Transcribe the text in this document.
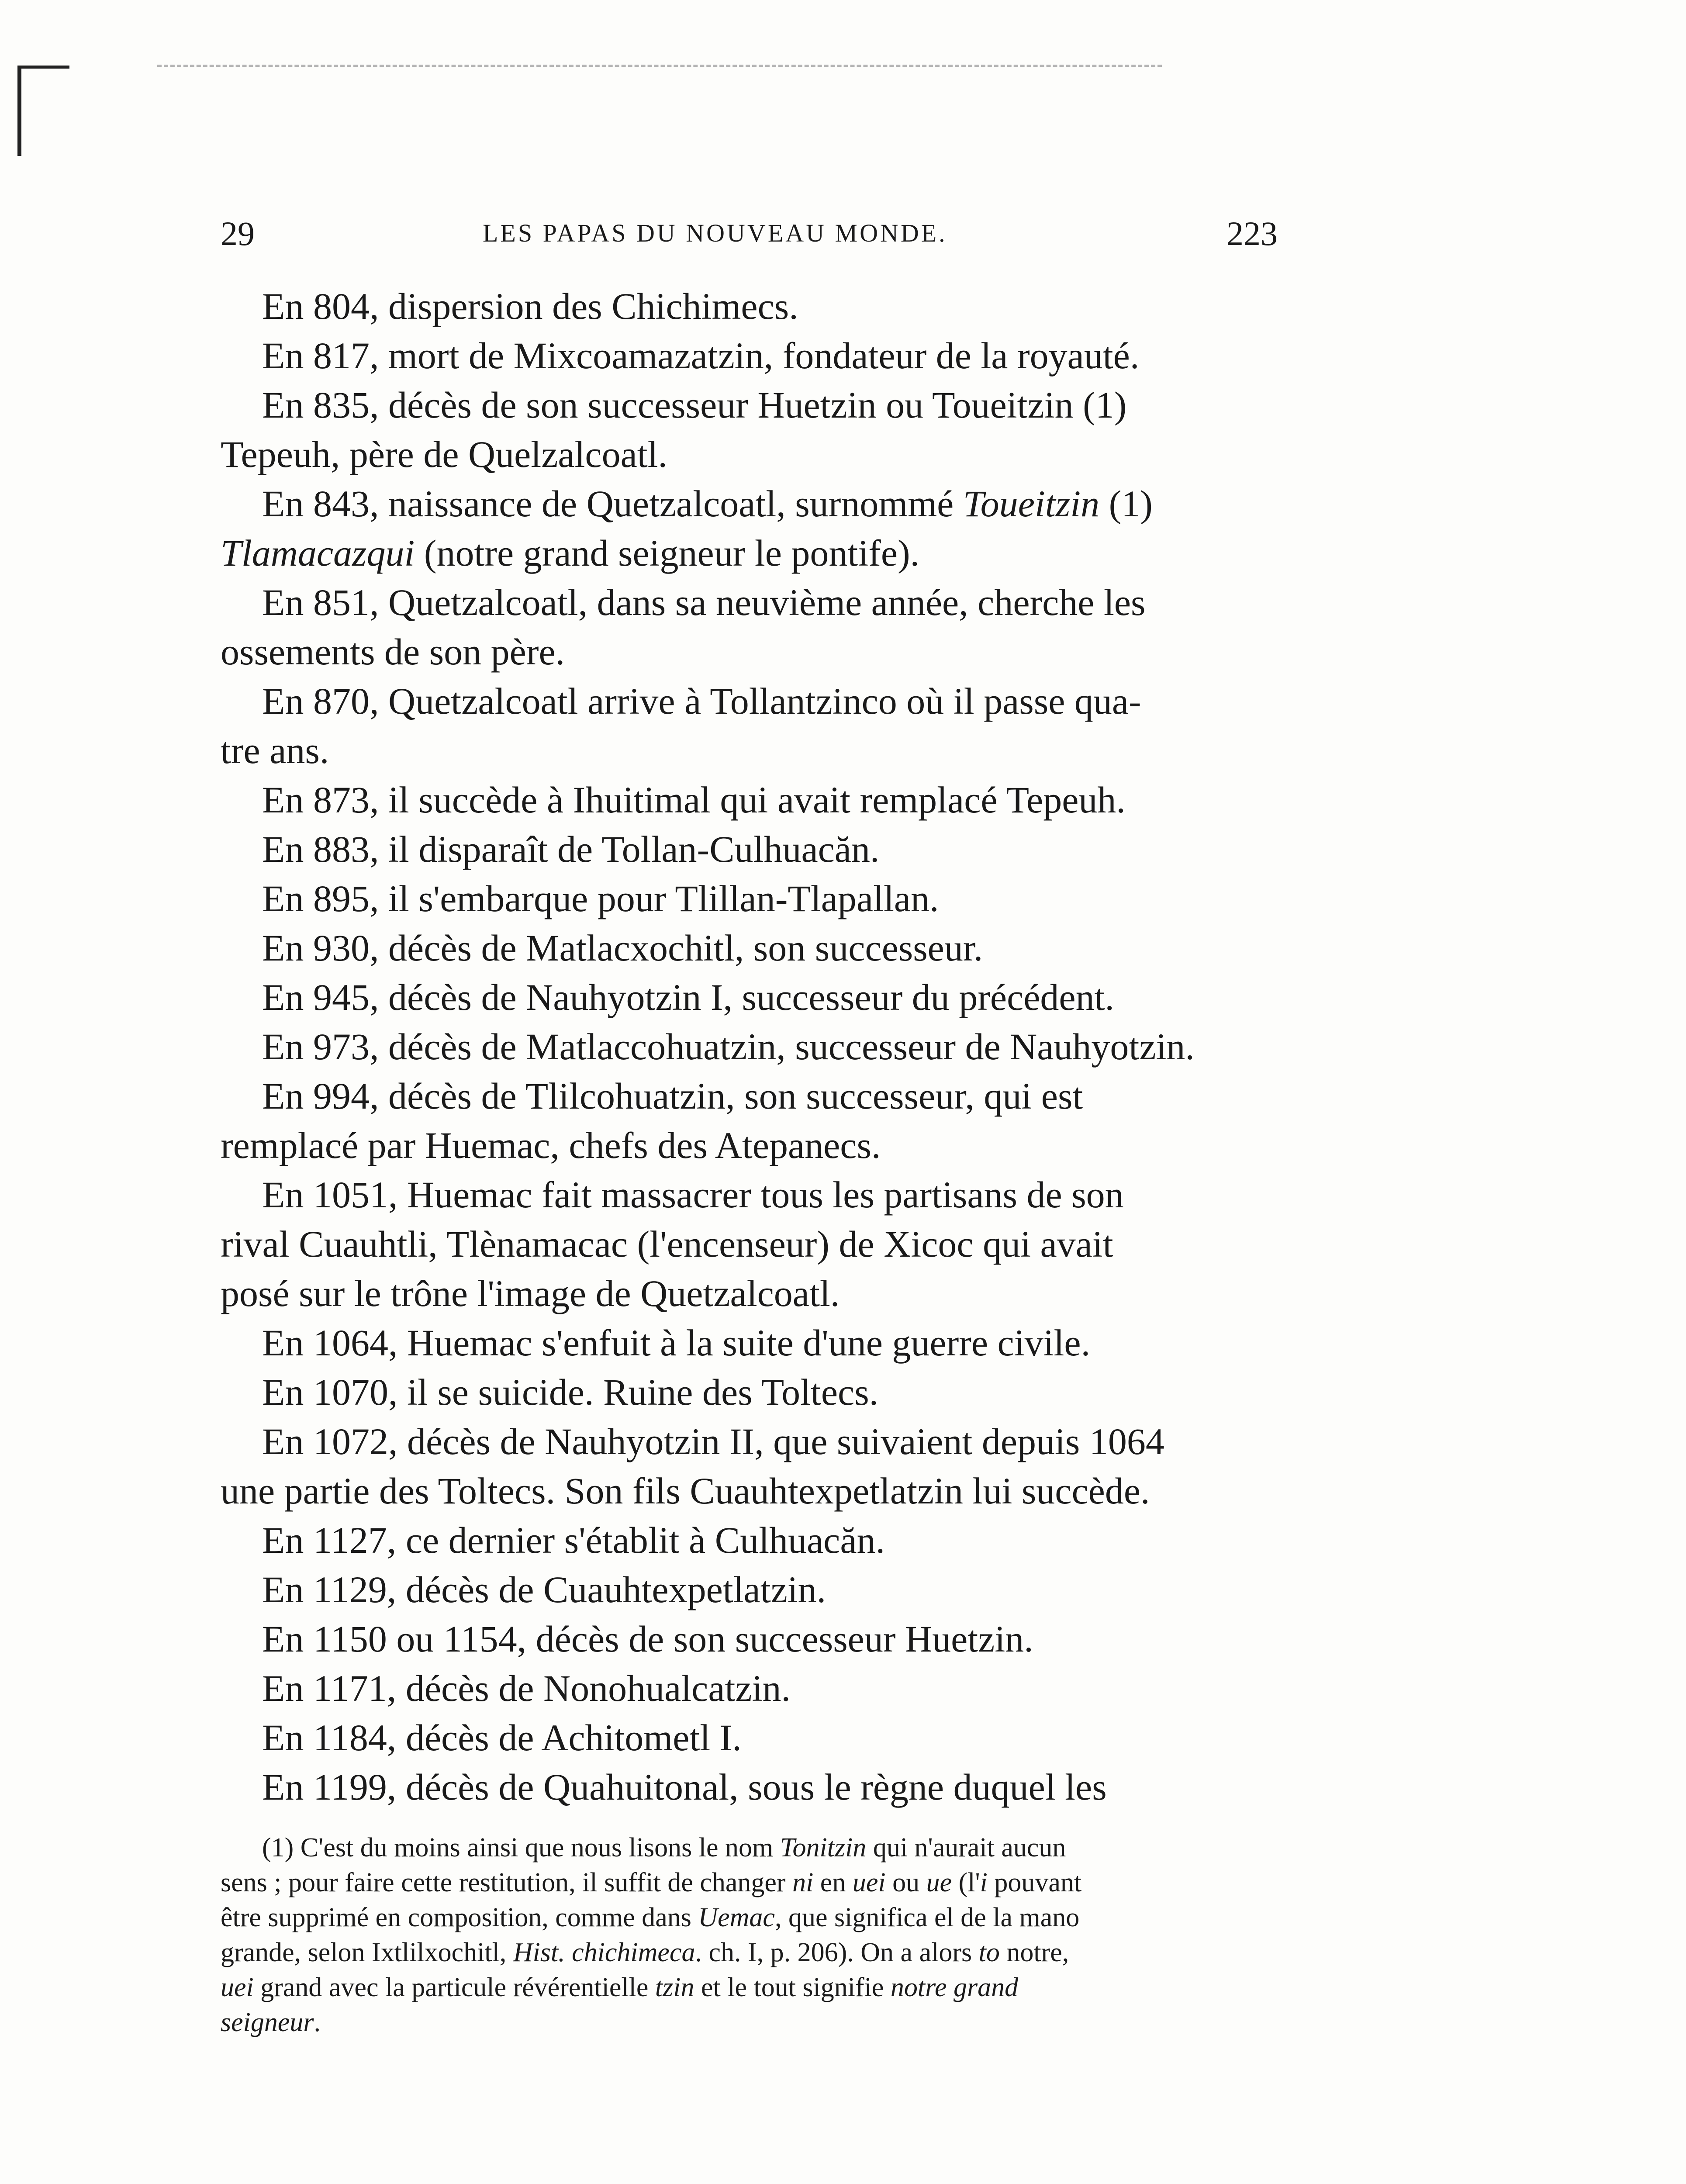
29	LES PAPAS DU NOUVEAU MONDE.	223
En 804, dispersion des Chichimecs.
En 817, mort de Mixcoamazatzin, fondateur de la royauté.
En 835, décès de son successeur Huetzin ou Toueitzin (1)
Tepeuh, père de Quelzalcoatl.
En 843, naissance de Quetzalcoatl, surnommé Toueitzin (1)
Tlamacazqui (notre grand seigneur le pontife).
En 851, Quetzalcoatl, dans sa neuvième année, cherche les
ossements de son père.
En 870, Quetzalcoatl arrive à Tollantzinco où il passe qua-
tre ans.
En 873, il succède à Ihuitimal qui avait remplacé Tepeuh.
En 883, il disparaît de Tollan-Culhuacăn.
En 895, il s'embarque pour Tlillan-Tlapallan.
En 930, décès de Matlacxochitl, son successeur.
En 945, décès de Nauhyotzin I, successeur du précédent.
En 973, décès de Matlaccohuatzin, successeur de Nauhyotzin.
En 994, décès de Tlilcohuatzin, son successeur, qui est
remplacé par Huemac, chefs des Atepanecs.
En 1051, Huemac fait massacrer tous les partisans de son
rival Cuauhtli, Tlènamacac (l'encenseur) de Xicoc qui avait
posé sur le trône l'image de Quetzalcoatl.
En 1064, Huemac s'enfuit à la suite d'une guerre civile.
En 1070, il se suicide. Ruine des Toltecs.
En 1072, décès de Nauhyotzin II, que suivaient depuis 1064
une partie des Toltecs. Son fils Cuauhtexpetlatzin lui succède.
En 1127, ce dernier s'établit à Culhuacăn.
En 1129, décès de Cuauhtexpetlatzin.
En 1150 ou 1154, décès de son successeur Huetzin.
En 1171, décès de Nonohualcatzin.
En 1184, décès de Achitometl I.
En 1199, décès de Quahuitonal, sous le règne duquel les
(1) C'est du moins ainsi que nous lisons le nom Tonitzin qui n'aurait aucun
sens ; pour faire cette restitution, il suffit de changer ni en uei ou ue (l'i pouvant
être supprimé en composition, comme dans Uemac, que significa el de la mano
grande, selon Ixtlilxochitl, Hist. chichimeca. ch. I, p. 206). On a alors to notre,
uei grand avec la particule révérentielle tzin et le tout signifie notre grand
seigneur.
